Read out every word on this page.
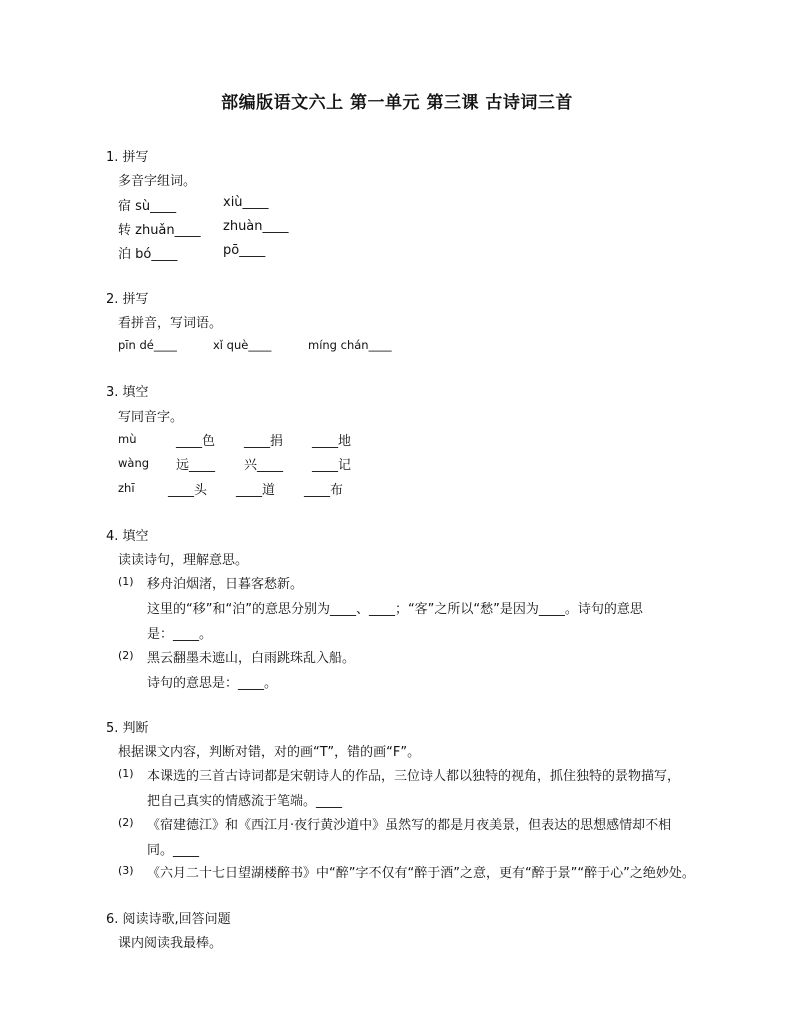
部编版语文六上 第一单元 第三课 古诗词三首
1. 拼写
多音字组词。
宿 sù____	xiù____
转 zhuǎn____ zhuàn____
泊 bó____	pō____
2. 拼写
看拼音，写词语。
pīn dé____	xǐ què____	míng chán____
3. 填空
写同音字。
mù	____色 ____捐 ____地
wàng 远____ 兴____ ____记
zhī	____头 ____道 ____布
4. 填空
读读诗句，理解意思。
(1) 移舟泊烟渚，日暮客愁新。
这里的“移”和“泊”的意思分别为____、____；“客”之所以“愁”是因为____。诗句的意思
是：____。
(2) 黑云翻墨未遮山，白雨跳珠乱入船。
诗句的意思是：____。
5. 判断
根据课文内容，判断对错，对的画“T”，错的画“F”。
(1) 本课选的三首古诗词都是宋朝诗人的作品，三位诗人都以独特的视角，抓住独特的景物描写，
把自己真实的情感流于笔端。____
(2) 《宿建德江》和《西江月·夜行黄沙道中》虽然写的都是月夜美景，但表达的思想感情却不相
同。____
(3) 《六月二十七日望湖楼醉书》中“醉”字不仅有“醉于酒”之意，更有“醉于景”“醉于心”之绝妙处。
6. 阅读诗歌,回答问题
课内阅读我最棒。
